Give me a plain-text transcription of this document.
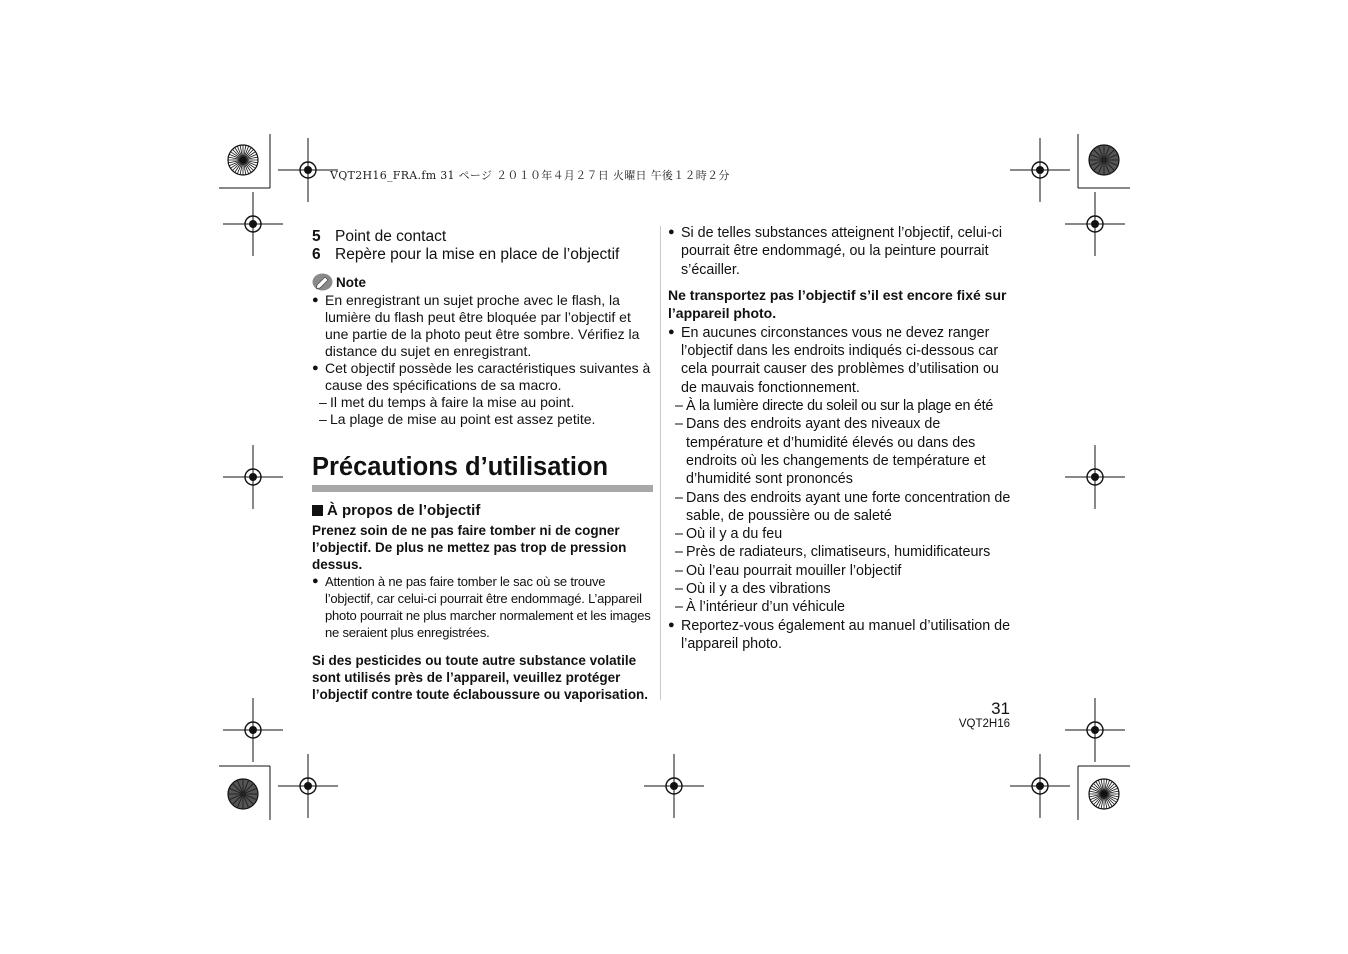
VQT2H16_FRA.fm 31 ページ ２０１０年４月２７日 火曜日 午後１２時２分
5 Point de contact
6 Repère pour la mise en place de l’objectif
Note
● En enregistrant un sujet proche avec le flash, la lumière du flash peut être bloquée par l’objectif et une partie de la photo peut être sombre. Vérifiez la distance du sujet en enregistrant.
● Cet objectif possède les caractéristiques suivantes à cause des spécifications de sa macro.
– Il met du temps à faire la mise au point.
– La plage de mise au point est assez petite.
Précautions d’utilisation
À propos de l’objectif
Prenez soin de ne pas faire tomber ni de cogner l’objectif. De plus ne mettez pas trop de pression dessus.
● Attention à ne pas faire tomber le sac où se trouve l’objectif, car celui-ci pourrait être endommagé. L’appareil photo pourrait ne plus marcher normalement et les images ne seraient plus enregistrées.
Si des pesticides ou toute autre substance volatile sont utilisés près de l’appareil, veuillez protéger l’objectif contre toute éclaboussure ou vaporisation.
● Si de telles substances atteignent l’objectif, celui-ci pourrait être endommagé, ou la peinture pourrait s’écailler.
Ne transportez pas l’objectif s’il est encore fixé sur l’appareil photo.
● En aucunes circonstances vous ne devez ranger l’objectif dans les endroits indiqués ci-dessous car cela pourrait causer des problèmes d’utilisation ou de mauvais fonctionnement.
– À la lumière directe du soleil ou sur la plage en été
– Dans des endroits ayant des niveaux de température et d’humidité élevés ou dans des endroits où les changements de température et d’humidité sont prononcés
– Dans des endroits ayant une forte concentration de sable, de poussière ou de saleté
– Où il y a du feu
– Près de radiateurs, climatiseurs, humidificateurs
– Où l’eau pourrait mouiller l’objectif
– Où il y a des vibrations
– À l’intérieur d’un véhicule
● Reportez-vous également au manuel d’utilisation de l’appareil photo.
31
VQT2H16
